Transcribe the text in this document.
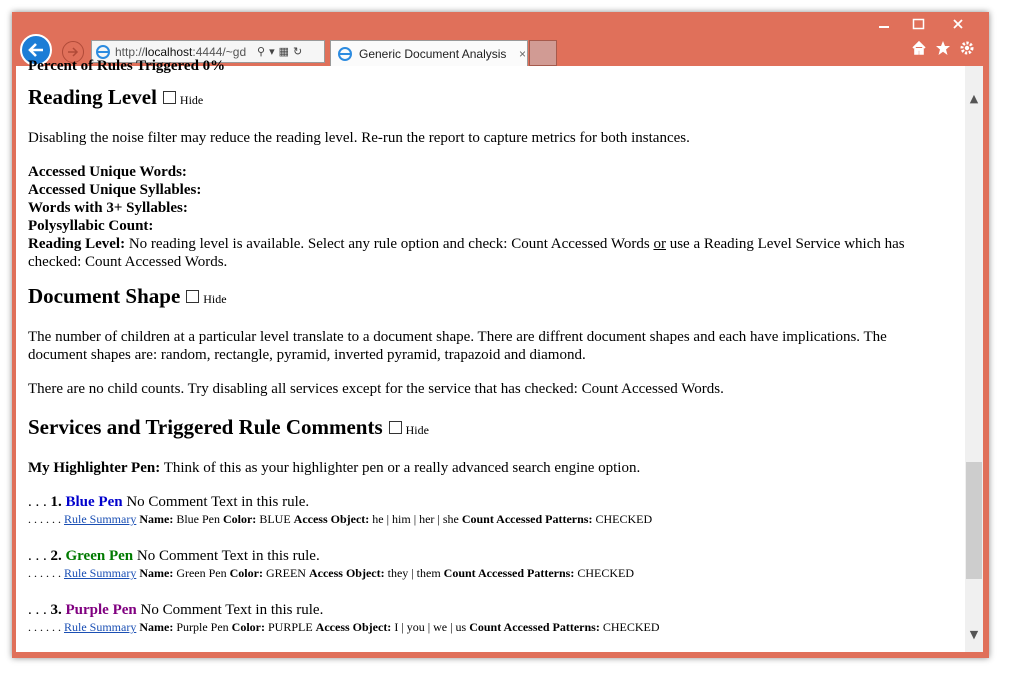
http://localhost:4444/~gd ⚲ ▾ ▦ ↻	Generic Document Analysis	×
Percent of Rules Triggered 0%
Reading Level Hide

Disabling the noise filter may reduce the reading level. Re-run the report to capture metrics for both instances.

Accessed Unique Words:
Accessed Unique Syllables:
Words with 3+ Syllables:
Polysyllabic Count:
Reading Level: No reading level is available. Select any rule option and check: Count Accessed Words or use a Reading Level Service which has checked: Count Accessed Words.
Document Shape Hide

The number of children at a particular level translate to a document shape. There are diffrent document shapes and each have implications. The document shapes are: random, rectangle, pyramid, inverted pyramid, trapazoid and diamond.

There are no child counts. Try disabling all services except for the service that has checked: Count Accessed Words.

Services and Triggered Rule Comments Hide

My Highlighter Pen: Think of this as your highlighter pen or a really advanced search engine option.

. . . 1. Blue Pen No Comment Text in this rule.
. . . . . . Rule Summary Name: Blue Pen Color: BLUE Access Object: he | him | her | she Count Accessed Patterns: CHECKED
. . . 2. Green Pen No Comment Text in this rule.
. . . . . . Rule Summary Name: Green Pen Color: GREEN Access Object: they | them Count Accessed Patterns: CHECKED
. . . 3. Purple Pen No Comment Text in this rule.
. . . . . . Rule Summary Name: Purple Pen Color: PURPLE Access Object: I | you | we | us Count Accessed Patterns: CHECKED
▲
▼
